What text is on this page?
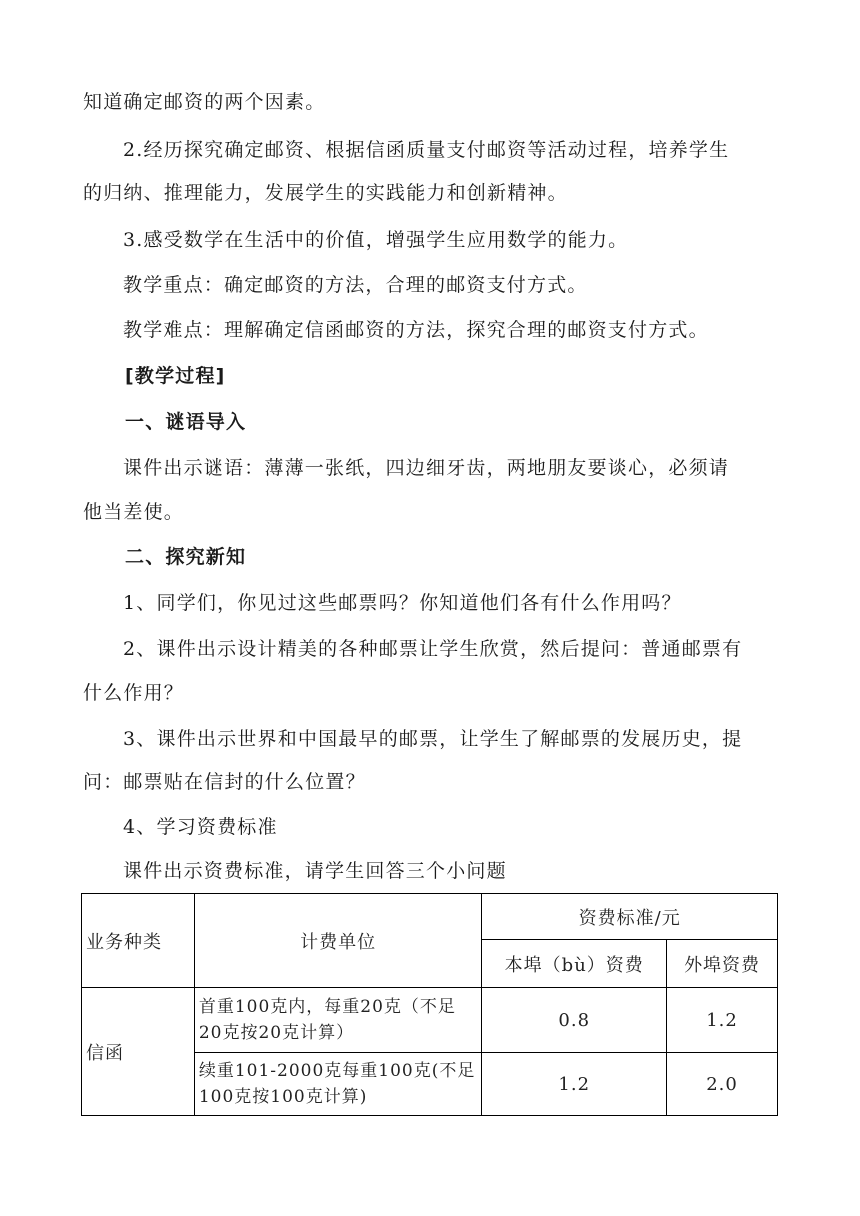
知道确定邮资的两个因素。
2.经历探究确定邮资、根据信函质量支付邮资等活动过程，培养学生
的归纳、推理能力，发展学生的实践能力和创新精神。
3.感受数学在生活中的价值，增强学生应用数学的能力。
教学重点：确定邮资的方法，合理的邮资支付方式。
教学难点：理解确定信函邮资的方法，探究合理的邮资支付方式。
[教学过程]
一、谜语导入
课件出示谜语：薄薄一张纸，四边细牙齿，两地朋友要谈心，必须请
他当差使。
二、探究新知
1、同学们，你见过这些邮票吗？你知道他们各有什么作用吗？
2、课件出示设计精美的各种邮票让学生欣赏，然后提问：普通邮票有
什么作用？
3、课件出示世界和中国最早的邮票，让学生了解邮票的发展历史，提
问：邮票贴在信封的什么位置？
4、学习资费标准
课件出示资费标准，请学生回答三个小问题
业务种类	计费单位	资费标准/元	
		本埠（bù）资费	外埠资费
信函	首重100克内，每重20克（不足20克按20克计算）	0.8	1.2
	续重101-2000克每重100克(不足100克按100克计算)	1.2	2.0
